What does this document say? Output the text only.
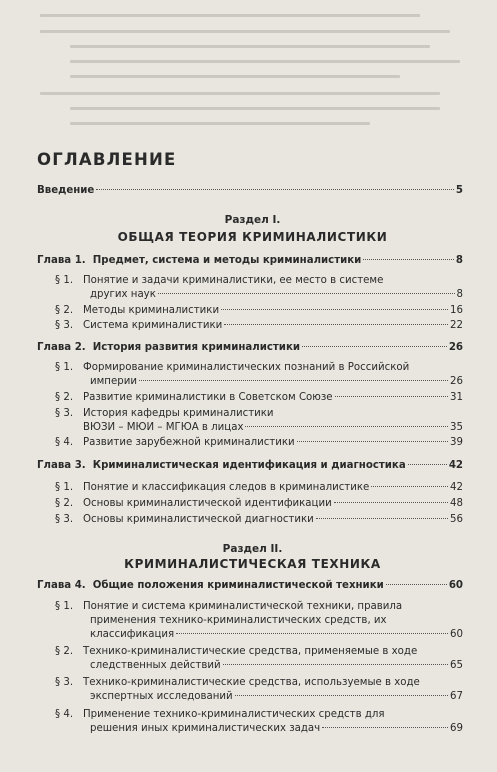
ОГЛАВЛЕНИЕ
Введение	5
Раздел I.
ОБЩАЯ ТЕОРИЯ КРИМИНАЛИСТИКИ
Глава 1.  Предмет, система и методы криминалистики	8
§ 1. Понятие и задачи криминалистики, ее место в системе
других наук	8
§ 2. Методы криминалистики	16
§ 3. Система криминалистики	22
Глава 2.  История развития криминалистики	26
§ 1. Формирование криминалистических познаний в Российской
империи	26
§ 2. Развитие криминалистики в Советском Союзе	31
§ 3. История кафедры криминалистики
ВЮЗИ – МЮИ – МГЮА в лицах	35
§ 4. Развитие зарубежной криминалистики	39
Глава 3.  Криминалистическая идентификация и диагностика	42
§ 1. Понятие и классификация следов в криминалистике	42
§ 2. Основы криминалистической идентификации	48
§ 3. Основы криминалистической диагностики	56
Раздел II.
КРИМИНАЛИСТИЧЕСКАЯ ТЕХНИКА
Глава 4.  Общие положения криминалистической техники	60
§ 1. Понятие и система криминалистической техники, правила
применения технико-криминалистических средств, их
классификация	60
§ 2. Технико-криминалистические средства, применяемые в ходе
следственных действий	65
§ 3. Технико-криминалистические средства, используемые в ходе
экспертных исследований	67
§ 4. Применение технико-криминалистических средств для
решения иных криминалистических задач	69
